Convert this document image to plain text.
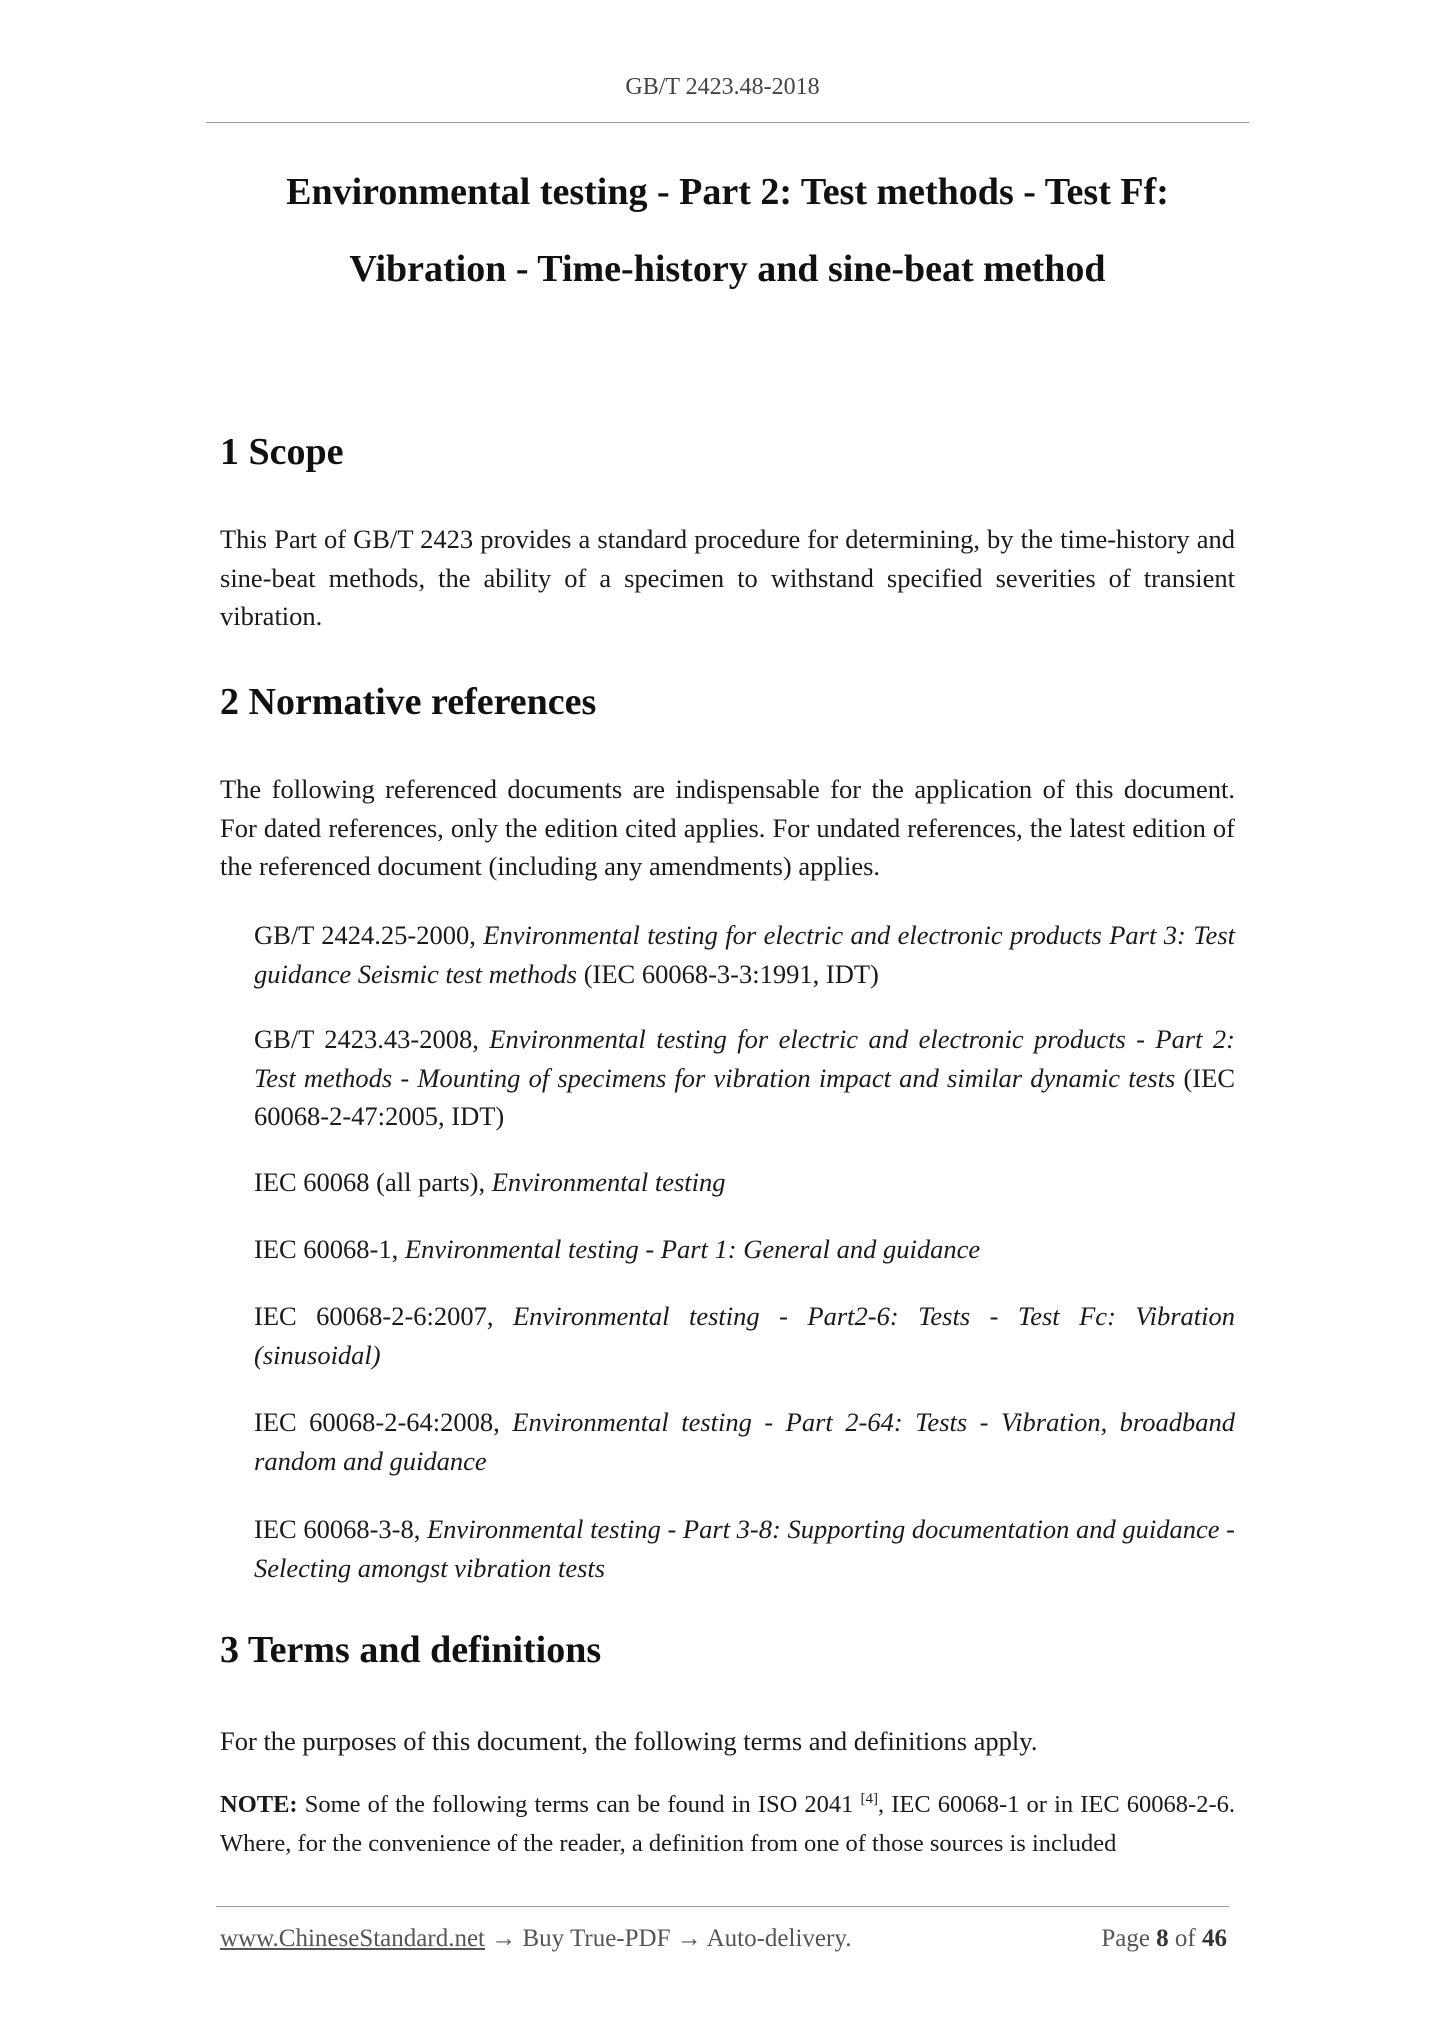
GB/T 2423.48-2018
Environmental testing - Part 2: Test methods - Test Ff:
Vibration - Time-history and sine-beat method
1 Scope

This Part of GB/T 2423 provides a standard procedure for determining, by the time-history and sine-beat methods, the ability of a specimen to withstand specified severities of transient vibration.

2 Normative references

The following referenced documents are indispensable for the application of this document. For dated references, only the edition cited applies. For undated references, the latest edition of the referenced document (including any amendments) applies.

GB/T 2424.25-2000, Environmental testing for electric and electronic products Part 3: Test guidance Seismic test methods (IEC 60068-3-3:1991, IDT)

GB/T 2423.43-2008, Environmental testing for electric and electronic products - Part 2: Test methods - Mounting of specimens for vibration impact and similar dynamic tests (IEC 60068-2-47:2005, IDT)

IEC 60068 (all parts), Environmental testing

IEC 60068-1, Environmental testing - Part 1: General and guidance

IEC 60068-2-6:2007, Environmental testing - Part2-6: Tests - Test Fc: Vibration (sinusoidal)

IEC 60068-2-64:2008, Environmental testing - Part 2-64: Tests - Vibration, broadband random and guidance

IEC 60068-3-8, Environmental testing - Part 3-8: Supporting documentation and guidance - Selecting amongst vibration tests

3 Terms and definitions

For the purposes of this document, the following terms and definitions apply.

NOTE: Some of the following terms can be found in ISO 2041 [4], IEC 60068-1 or in IEC 60068-2-6. Where, for the convenience of the reader, a definition from one of those sources is included

www.ChineseStandard.net → Buy True-PDF → Auto-delivery.	Page 8 of 46
